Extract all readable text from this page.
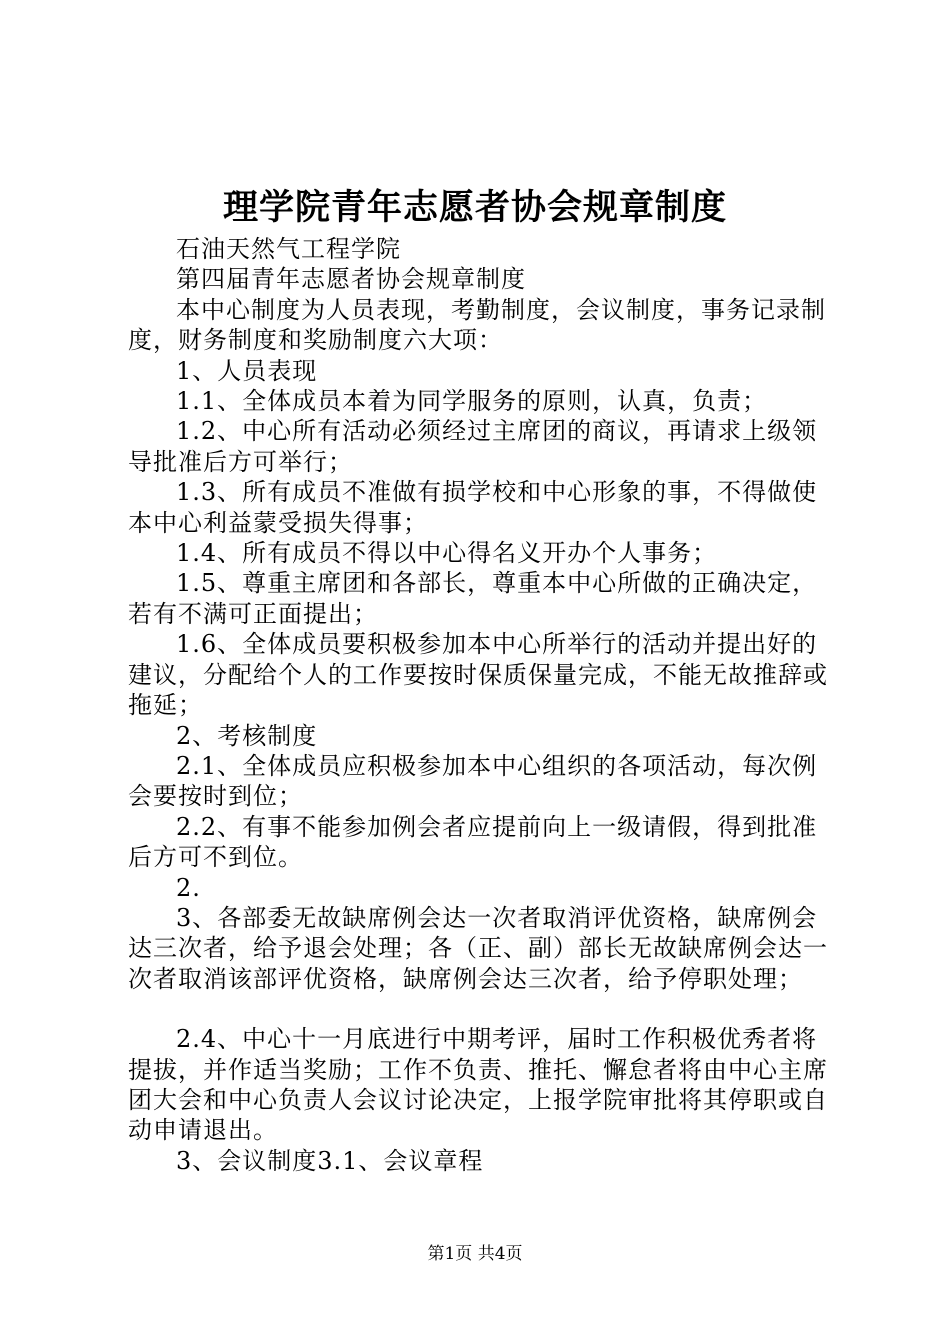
理学院青年志愿者协会规章制度

石油天然气工程学院

第四届青年志愿者协会规章制度

本中心制度为人员表现，考勤制度，会议制度，事务记录制度，财务制度和奖励制度六大项：

1、人员表现

1.1、全体成员本着为同学服务的原则，认真，负责；

1.2、中心所有活动必须经过主席团的商议，再请求上级领导批准后方可举行；

1.3、所有成员不准做有损学校和中心形象的事，不得做使本中心利益蒙受损失得事；

1.4、所有成员不得以中心得名义开办个人事务；

1.5、尊重主席团和各部长，尊重本中心所做的正确决定，若有不满可正面提出；

1.6、全体成员要积极参加本中心所举行的活动并提出好的建议，分配给个人的工作要按时保质保量完成，不能无故推辞或拖延；

2、考核制度

2.1、全体成员应积极参加本中心组织的各项活动，每次例会要按时到位；

2.2、有事不能参加例会者应提前向上一级请假，得到批准后方可不到位。

2.

3、各部委无故缺席例会达一次者取消评优资格，缺席例会达三次者，给予退会处理；各（正、副）部长无故缺席例会达一次者取消该部评优资格，缺席例会达三次者，给予停职处理；

2.4、中心十一月底进行中期考评，届时工作积极优秀者将提拔，并作适当奖励；工作不负责、推托、懈怠者将由中心主席团大会和中心负责人会议讨论决定，上报学院审批将其停职或自动申请退出。

3、会议制度3.1、会议章程

第1页 共4页
